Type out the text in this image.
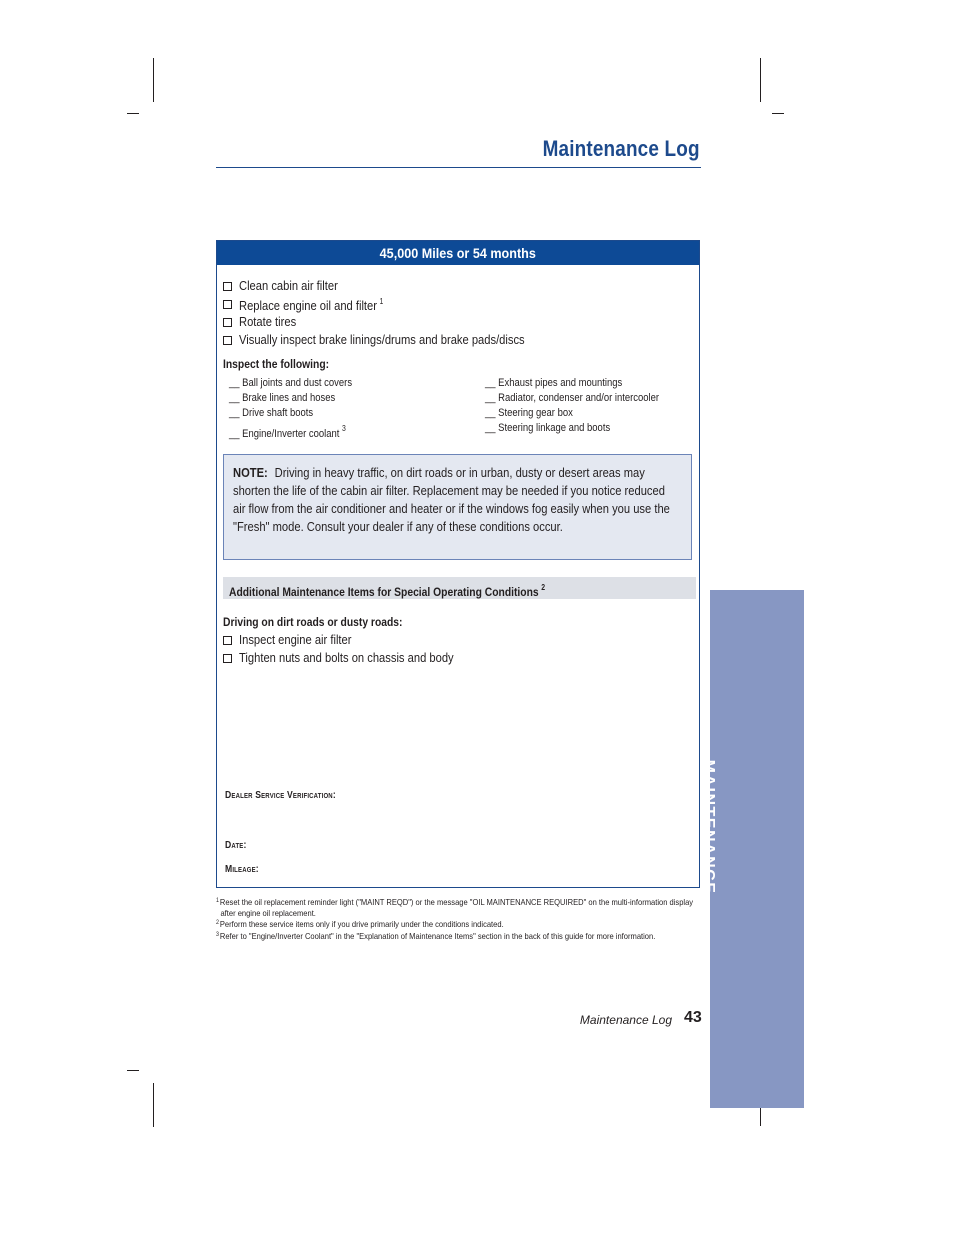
Maintenance Log
45,000 Miles or 54 months
Clean cabin air filter
Replace engine oil and filter $^1$
Rotate tires
Visually inspect brake linings/drums and brake pads/discs
Inspect the following:
__ Ball joints and dust covers
__ Brake lines and hoses
__ Drive shaft boots
__ Engine/Inverter coolant $^3$
__ Exhaust pipes and mountings
__ Radiator, condenser and/or intercooler
__ Steering gear box
__ Steering linkage and boots
NOTE: Driving in heavy traffic, on dirt roads or in urban, dusty or desert areas may shorten the life of the cabin air filter. Replacement may be needed if you notice reduced air flow from the air conditioner and heater or if the windows fog easily when you use the "Fresh" mode. Consult your dealer if any of these conditions occur.
Additional Maintenance Items for Special Operating Conditions $^2$
Driving on dirt roads or dusty roads:
Inspect engine air filter
Tighten nuts and bolts on chassis and body
Dealer Service Verification:
Date:
Mileage:

$^1$Reset the oil replacement reminder light ("MAINT REQD") or the message "OIL MAINTENANCE REQUIRED" on the multi-information display after engine oil replacement.

$^2$Perform these service items only if you drive primarily under the conditions indicated.

$^3$Refer to "Engine/Inverter Coolant" in the "Explanation of Maintenance Items" section in the back of this guide for more information.

MAINTENANCE
Maintenance Log 43
